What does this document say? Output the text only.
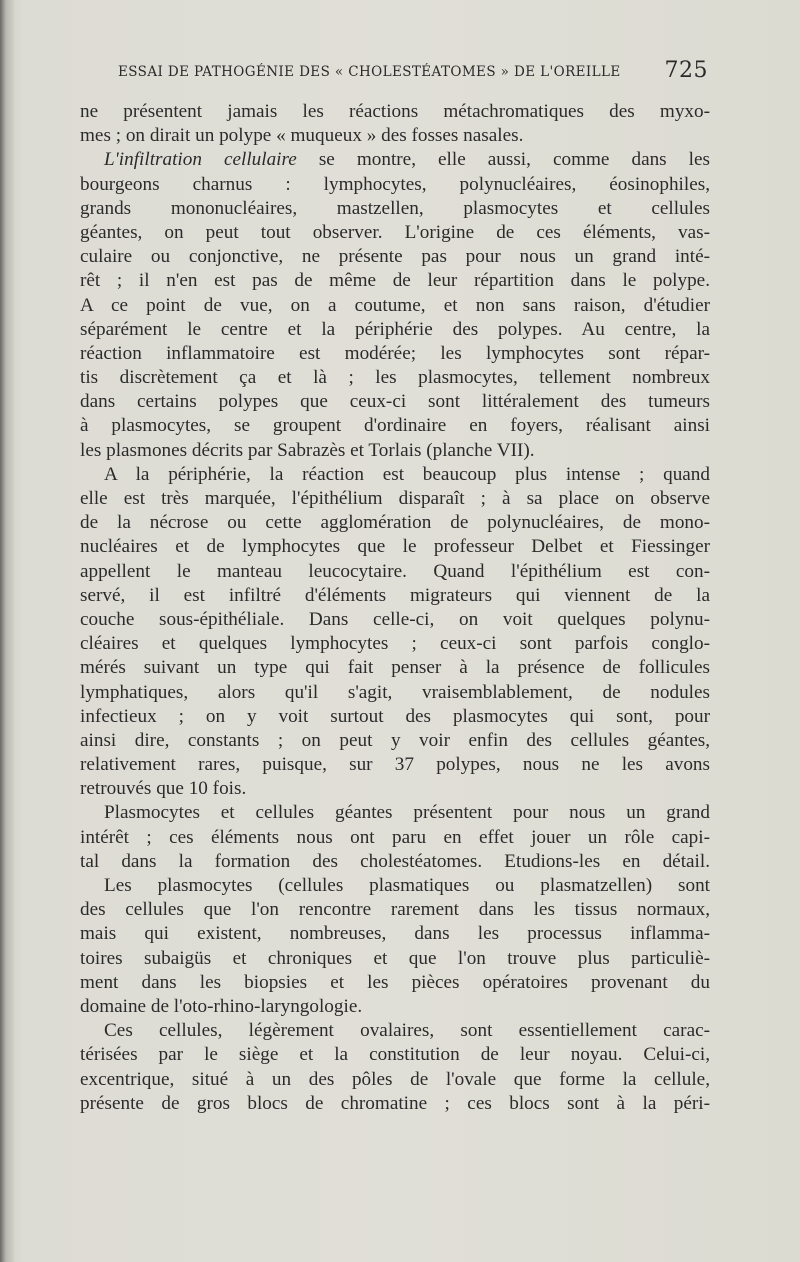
ESSAI DE PATHOGÉNIE DES « CHOLESTÉATOMES » DE L'OREILLE 725
ne présentent jamais les réactions métachromatiques des myxo-
mes ; on dirait un polype « muqueux » des fosses nasales.
L'infiltration cellulaire se montre, elle aussi, comme dans les
bourgeons charnus : lymphocytes, polynucléaires, éosinophiles,
grands mononucléaires, mastzellen, plasmocytes et cellules
géantes, on peut tout observer. L'origine de ces éléments, vas-
culaire ou conjonctive, ne présente pas pour nous un grand inté-
rêt ; il n'en est pas de même de leur répartition dans le polype.
A ce point de vue, on a coutume, et non sans raison, d'étudier
séparément le centre et la périphérie des polypes. Au centre, la
réaction inflammatoire est modérée; les lymphocytes sont répar-
tis discrètement ça et là ; les plasmocytes, tellement nombreux
dans certains polypes que ceux-ci sont littéralement des tumeurs
à plasmocytes, se groupent d'ordinaire en foyers, réalisant ainsi
les plasmones décrits par Sabrazès et Torlais (planche VII).
A la périphérie, la réaction est beaucoup plus intense ; quand
elle est très marquée, l'épithélium disparaît ; à sa place on observe
de la nécrose ou cette agglomération de polynucléaires, de mono-
nucléaires et de lymphocytes que le professeur Delbet et Fiessinger
appellent le manteau leucocytaire. Quand l'épithélium est con-
servé, il est infiltré d'éléments migrateurs qui viennent de la
couche sous-épithéliale. Dans celle-ci, on voit quelques polynu-
cléaires et quelques lymphocytes ; ceux-ci sont parfois conglo-
mérés suivant un type qui fait penser à la présence de follicules
lymphatiques, alors qu'il s'agit, vraisemblablement, de nodules
infectieux ; on y voit surtout des plasmocytes qui sont, pour
ainsi dire, constants ; on peut y voir enfin des cellules géantes,
relativement rares, puisque, sur 37 polypes, nous ne les avons
retrouvés que 10 fois.
Plasmocytes et cellules géantes présentent pour nous un grand
intérêt ; ces éléments nous ont paru en effet jouer un rôle capi-
tal dans la formation des cholestéatomes. Etudions-les en détail.
Les plasmocytes (cellules plasmatiques ou plasmatzellen) sont
des cellules que l'on rencontre rarement dans les tissus normaux,
mais qui existent, nombreuses, dans les processus inflamma-
toires subaigüs et chroniques et que l'on trouve plus particuliè-
ment dans les biopsies et les pièces opératoires provenant du
domaine de l'oto-rhino-laryngologie.
Ces cellules, légèrement ovalaires, sont essentiellement carac-
térisées par le siège et la constitution de leur noyau. Celui-ci,
excentrique, situé à un des pôles de l'ovale que forme la cellule,
présente de gros blocs de chromatine ; ces blocs sont à la péri-
